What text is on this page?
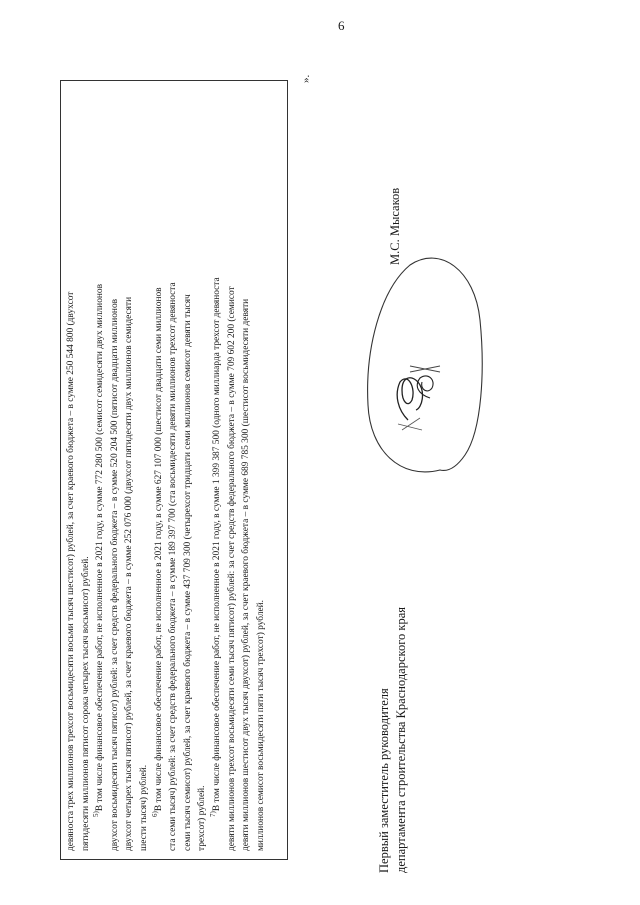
6

девяноста трех миллионов трехсот восьмидесяти восьми тысяч шестисот) рублей, за счет краевого бюджета – в сумме 250 544 800 (двухсот пятидесяти миллионов пятисот сорока четырех тысяч восьмисот) рублей. $^{5)}$В том числе финансовое обеспечение работ, не исполненное в 2021 году, в сумме 772 280 500 (семисот семидесяти двух миллионов двухсот восьмидесяти тысяч пятисот) рублей: за счет средств федерального бюджета – в сумме 520 204 500 (пятисот двадцати миллионов двухсот четырех тысяч пятисот) рублей, за счет краевого бюджета – в сумме 252 076 000 (двухсот пятидесяти двух миллионов семидесяти шести тысяч) рублей. $^{6)}$В том числе финансовое обеспечение работ, не исполненное в 2021 году, в сумме 627 107 000 (шестисот двадцати семи миллионов ста семи тысяч) рублей: за счет средств федерального бюджета – в сумме 189 397 700 (ста восьмидесяти девяти миллионов трехсот девяноста семи тысяч семисот) рублей, за счет краевого бюджета – в сумме 437 709 300 (четырехсот тридцати семи миллионов семисот девяти тысяч трехсот) рублей. $^{7)}$В том числе финансовое обеспечение работ, не исполненное в 2021 году, в сумме 1 399 387 500 (одного миллиарда трехсот девяноста девяти миллионов трехсот восьмидесяти семи тысяч пятисот) рублей: за счет средств федерального бюджета – в сумме 709 602 200 (семисот девяти миллионов шестисот двух тысяч двухсот) рублей, за счет краевого бюджета – в сумме 689 785 300 (шестисот восьмидесяти девяти миллионов семисот восьмидесяти пяти тысяч трехсот) рублей.

».
Первый заместитель руководителя департамента строительства Краснодарского края
М.С. Мысаков
